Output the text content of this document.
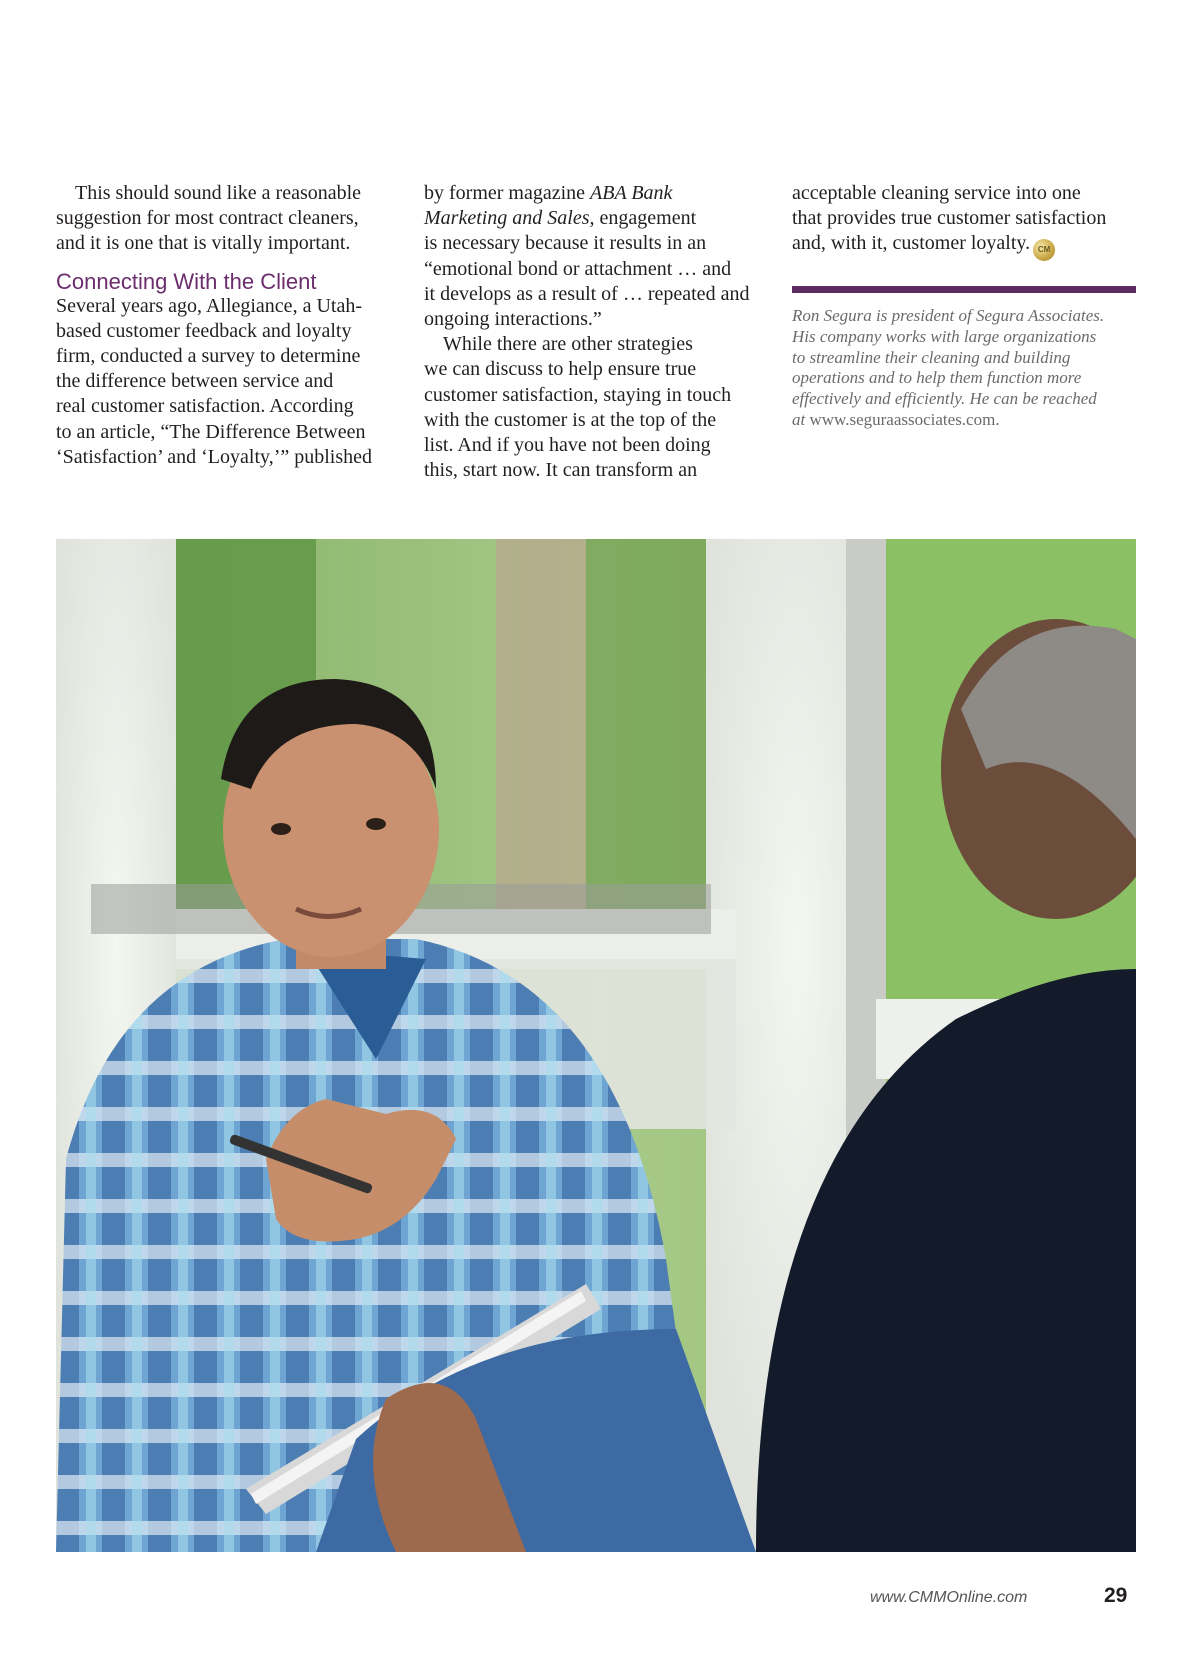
This should sound like a reasonable
suggestion for most contract cleaners,
and it is one that is vitally important.
Connecting With the Client
Several years ago, Allegiance, a Utah-
based customer feedback and loyalty
firm, conducted a survey to determine
the difference between service and
real customer satisfaction. According
to an article, “The Difference Between
‘Satisfaction’ and ‘Loyalty,’” published
by former magazine ABA Bank
Marketing and Sales, engagement
is necessary because it results in an
“emotional bond or attachment … and
it develops as a result of … repeated and
ongoing interactions.”
While there are other strategies
we can discuss to help ensure true
customer satisfaction, staying in touch
with the customer is at the top of the
list. And if you have not been doing
this, start now. It can transform an
acceptable cleaning service into one
that provides true customer satisfaction
and, with it, customer loyalty. CM
Ron Segura is president of Segura Associates.
His company works with large organizations
to streamline their cleaning and building
operations and to help them function more
effectively and efficiently. He can be reached
at www.seguraassociates.com.
www.CMMOnline.com	29
